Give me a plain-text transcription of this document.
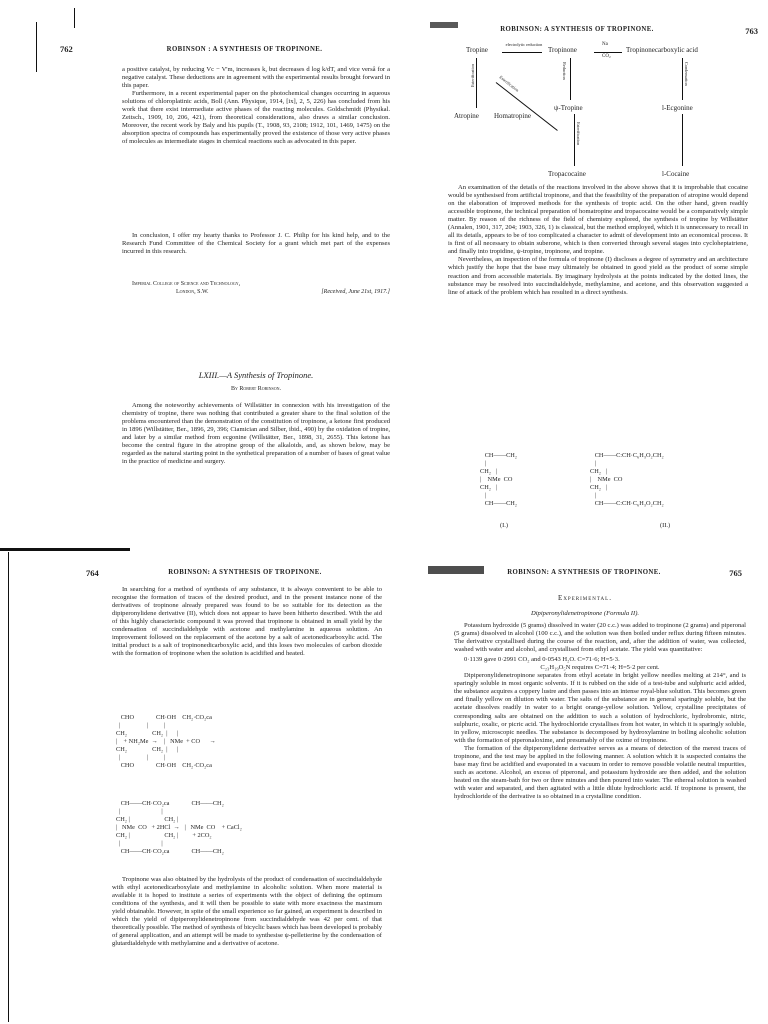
762	ROBINSON : A SYNTHESIS OF TROPINONE.

a positive catalyst, by reducing Vc − V'm, increases k, but decreases d log k/dT, and vice versâ for a negative catalyst. These deductions are in agreement with the experimental results brought forward in this paper.

Furthermore, in a recent experimental paper on the photochemical changes occurring in aqueous solutions of chloroplatinic acids, Boll (Ann. Physique, 1914, [ix], 2, 5, 226) has concluded from his work that there exist intermediate active phases of the reacting molecules. Goldschmidt (Physikal. Zeitsch., 1909, 10, 206, 421), from theoretical considerations, also draws a similar conclusion. Moreover, the recent work by Baly and his pupils (T., 1908, 93, 2108; 1912, 101, 1469, 1475) on the absorption spectra of compounds has experimentally proved the existence of those very active phases of molecules as intermediate stages in chemical reactions such as advocated in this paper.

In conclusion, I offer my hearty thanks to Professor J. C. Philip for his kind help, and to the Research Fund Committee of the Chemical Society for a grant which met part of the expenses incurred in this research.

Imperial College of Science and Technology,
London, S.W.	[Received, June 21st, 1917.]
LXIII.—A Synthesis of Tropinone.
By Robert Robinson.

Among the noteworthy achievements of Willstätter in connexion with his investigation of the chemistry of tropine, there was nothing that contributed a greater share to the final solution of the problems encountered than the demonstration of the constitution of tropinone, a ketone first produced in 1896 (Willstätter, Ber., 1896, 29, 396; Ciamician and Silber, ibid., 490) by the oxidation of tropine, and later by a similar method from ecgonine (Willstätter, Ber., 1898, 31, 2655). This ketone has become the central figure in the atropine group of the alkaloids, and, as shown below, may be regarded as the natural starting point in the synthetical preparation of a number of bases of great value in the practice of medicine and surgery.

ROBINSON: A SYNTHESIS OF TROPINONE.	763
Tropine
electrolytic reduction
Tropinone
Na
CO₂
Tropinonecarboxylic acid
Esterification	Esterification
Reduction
ψ-Tropine
Condensation
l-Ecgonine
Atropine Homatropine
Esterification
Tropacocaine	l-Cocaine

An examination of the details of the reactions involved in the above shows that it is improbable that cocaine would be synthesised from artificial tropinone, and that the feasibility of the preparation of atropine would depend on the elaboration of improved methods for the synthesis of tropic acid. On the other hand, given readily accessible tropinone, the technical preparation of homatropine and tropacocaine would be a comparatively simple matter. By reason of the richness of the field of chemistry explored, the synthesis of tropine by Willstätter (Annalen, 1901, 317, 204; 1903, 326, 1) is classical, but the method employed, which it is unnecessary to recall in all its details, appears to be of too complicated a character to admit of development into an economical process. It is first of all necessary to obtain suberone, which is then converted through several stages into cycloheptatriene, and finally into tropidine, ψ-tropine, tropinone, and tropine.

Nevertheless, an inspection of the formula of tropinone (I) discloses a degree of symmetry and an architecture which justify the hope that the base may ultimately be obtained in good yield as the product of some simple reaction and from accessible materials. By imaginary hydrolysis at the points indicated by the dotted lines, the substance may be resolved into succindialdehyde, methylamine, and acetone, and this observation suggested a line of attack of the problem which has resulted in a direct synthesis.

CH——CH₂
|
CH₂   |
|    NMe  CO
CH₂   |
|
CH——CH₂
(I.)
CH——C:CH·C₆H₃O₂CH₂
|
CH₂   |
|    NMe  CO
CH₂   |
|
CH——C:CH·C₆H₃O₂CH₂
(II.)
764	ROBINSON: A SYNTHESIS OF TROPINONE.

In searching for a method of synthesis of any substance, it is always convenient to be able to recognise the formation of traces of the desired product, and in the present instance none of the derivatives of tropinone already prepared was found to be so suitable for its detection as the dipiperonylidene derivative (II), which does not appear to have been hitherto described. With the aid of this highly characteristic compound it was proved that tropinone is obtained in small yield by the condensation of succindialdehyde with acetone and methylamine in aqueous solution. An improvement followed on the replacement of the acetone by a salt of acetonedicarboxylic acid. The initial product is a salt of tropinonedicarboxylic acid, and this loses two molecules of carbon dioxide with the formation of tropinone when the solution is acidified and heated.

CHO              CH·OH    CH₂·CO₂ca
|                 |          |
CH₂                CH₂  |      |
|    + NH₂Me  →    |   NMe  + CO      →
CH₂                CH₂  |      |
|                 |          |
CHO              CH·OH    CH₂·CO₂ca
CH——CH·CO₂ca              CH——CH₂
|                          |
CH₂ |                      CH₂ |
|   NMe  CO   + 2HCl  →   |   NMe  CO    + CaCl₂
CH₂ |                      CH₂ |         + 2CO₂
|                          |
CH——CH·CO₂ca              CH——CH₂

Tropinone was also obtained by the hydrolysis of the product of condensation of succindialdehyde with ethyl acetonedicarboxylate and methylamine in alcoholic solution. When more material is available it is hoped to institute a series of experiments with the object of defining the optimum conditions of the synthesis, and it will then be possible to state with more exactness the maximum yield obtainable. However, in spite of the small experience so far gained, an experiment is described in which the yield of dipiperonylidenetropinone from succindialdehyde was 42 per cent. of that theoretically possible. The method of synthesis of bicyclic bases which has been developed is probably of general application, and an attempt will be made to synthesise ψ-pelletierine by the condensation of glutardialdehyde with methylamine and a derivative of acetone.

ROBINSON: A SYNTHESIS OF TROPINONE.	765
Experimental.
Dipiperonylidenetropinone (Formula II).

Potassium hydroxide (5 grams) dissolved in water (20 c.c.) was added to tropinone (2 grams) and piperonal (5 grams) dissolved in alcohol (100 c.c.), and the solution was then boiled under reflux during fifteen minutes. The derivative crystallised during the course of the reaction, and, after the addition of water, was collected, washed with water and alcohol, and crystallised from ethyl acetate. The yield was quantitative:

0·1139 gave 0·2991 CO₂ and 0·0543 H₂O. C=71·6; H=5·3.

C₂₃H₁₉O₅N requires C=71·4; H=5·2 per cent.

Dipiperonylidenetropinone separates from ethyl acetate in bright yellow needles melting at 214°, and is sparingly soluble in most organic solvents. If it is rubbed on the side of a test-tube and sulphuric acid added, the substance acquires a coppery lustre and then passes into an intense royal-blue solution. This becomes green and finally yellow on dilution with water. The salts of the substance are in general sparingly soluble, but the acetate dissolves readily in water to a bright orange-yellow solution. Yellow, crystalline precipitates of corresponding salts are obtained on the addition to such a solution of hydrochloric, hydrobromic, nitric, sulphuric, oxalic, or picric acid. The hydrochloride crystallises from hot water, in which it is sparingly soluble, in yellow, microscopic needles. The substance is decomposed by hydroxylamine in boiling alcoholic solution with the formation of piperonaloxime, and presumably of the oxime of tropinone.

The formation of the dipiperonylidene derivative serves as a means of detection of the merest traces of tropinone, and the test may be applied in the following manner. A solution which it is suspected contains the base may first be acidified and evaporated in a vacuum in order to remove possible volatile neutral impurities, such as acetone. Alcohol, an excess of piperonal, and potassium hydroxide are then added, and the solution heated on the steam-bath for two or three minutes and then poured into water. The ethereal solution is washed with water and separated, and then agitated with a little dilute hydrochloric acid. If tropinone is present, the hydrochloride of the derivative is so obtained in a crystalline condition.
